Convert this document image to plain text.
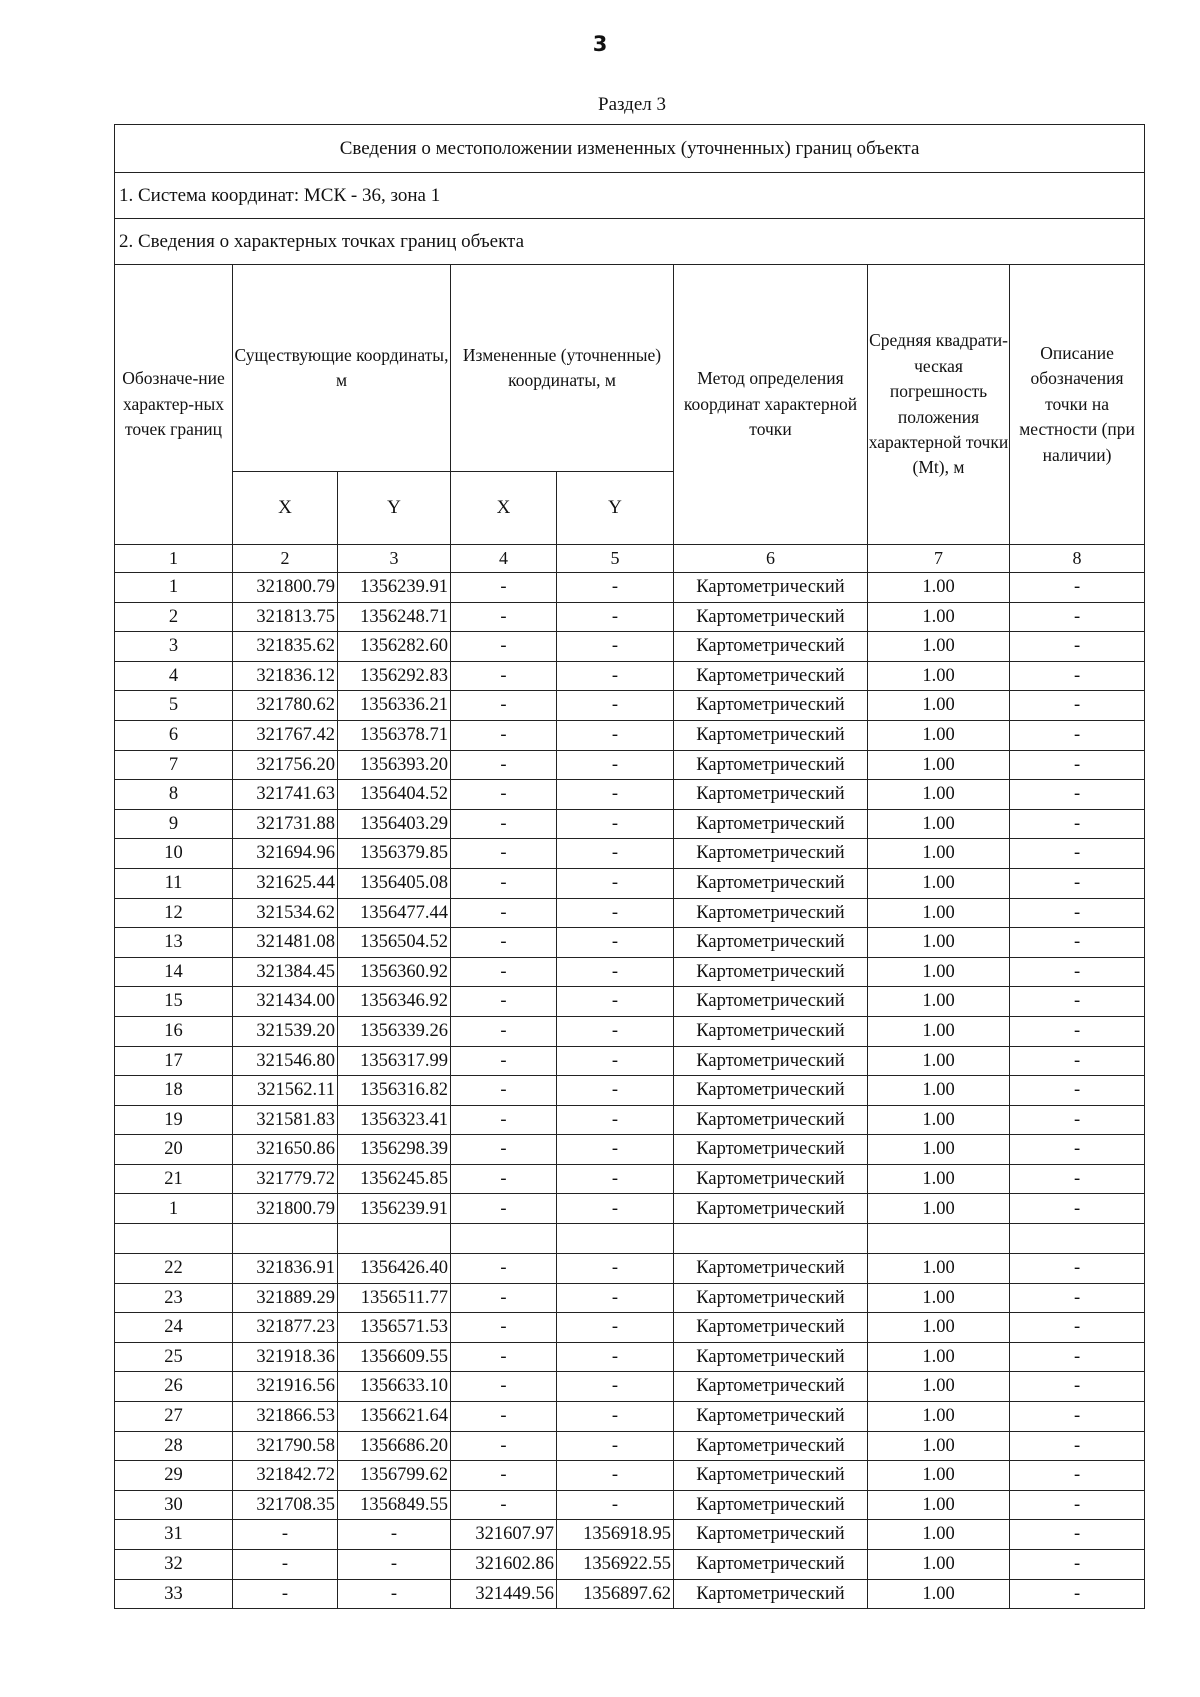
3
Раздел 3
Сведения о местоположении измененных (уточненных) границ объекта							
1. Система координат: МСК - 36, зона 1							
2. Сведения о характерных точках границ объекта							
Обозначе-ние характер-ных точек границ	Существующие координаты, м		Измененные (уточненные) координаты, м		Метод определения координат характерной точки	Средняя квадрати-ческая погрешность положения характерной точки (Mt), м	Описание обозначения точки на местности (при наличии)
	X	Y	X	Y			
1	2	3	4	5	6	7	8
1	321800.79	1356239.91	-	-	Картометрический	1.00	-
2	321813.75	1356248.71	-	-	Картометрический	1.00	-
3	321835.62	1356282.60	-	-	Картометрический	1.00	-
4	321836.12	1356292.83	-	-	Картометрический	1.00	-
5	321780.62	1356336.21	-	-	Картометрический	1.00	-
6	321767.42	1356378.71	-	-	Картометрический	1.00	-
7	321756.20	1356393.20	-	-	Картометрический	1.00	-
8	321741.63	1356404.52	-	-	Картометрический	1.00	-
9	321731.88	1356403.29	-	-	Картометрический	1.00	-
10	321694.96	1356379.85	-	-	Картометрический	1.00	-
11	321625.44	1356405.08	-	-	Картометрический	1.00	-
12	321534.62	1356477.44	-	-	Картометрический	1.00	-
13	321481.08	1356504.52	-	-	Картометрический	1.00	-
14	321384.45	1356360.92	-	-	Картометрический	1.00	-
15	321434.00	1356346.92	-	-	Картометрический	1.00	-
16	321539.20	1356339.26	-	-	Картометрический	1.00	-
17	321546.80	1356317.99	-	-	Картометрический	1.00	-
18	321562.11	1356316.82	-	-	Картометрический	1.00	-
19	321581.83	1356323.41	-	-	Картометрический	1.00	-
20	321650.86	1356298.39	-	-	Картометрический	1.00	-
21	321779.72	1356245.85	-	-	Картометрический	1.00	-
1	321800.79	1356239.91	-	-	Картометрический	1.00	-

22	321836.91	1356426.40	-	-	Картометрический	1.00	-
23	321889.29	1356511.77	-	-	Картометрический	1.00	-
24	321877.23	1356571.53	-	-	Картометрический	1.00	-
25	321918.36	1356609.55	-	-	Картометрический	1.00	-
26	321916.56	1356633.10	-	-	Картометрический	1.00	-
27	321866.53	1356621.64	-	-	Картометрический	1.00	-
28	321790.58	1356686.20	-	-	Картометрический	1.00	-
29	321842.72	1356799.62	-	-	Картометрический	1.00	-
30	321708.35	1356849.55	-	-	Картометрический	1.00	-
31	-	-	321607.97	1356918.95	Картометрический	1.00	-
32	-	-	321602.86	1356922.55	Картометрический	1.00	-
33	-	-	321449.56	1356897.62	Картометрический	1.00	-
